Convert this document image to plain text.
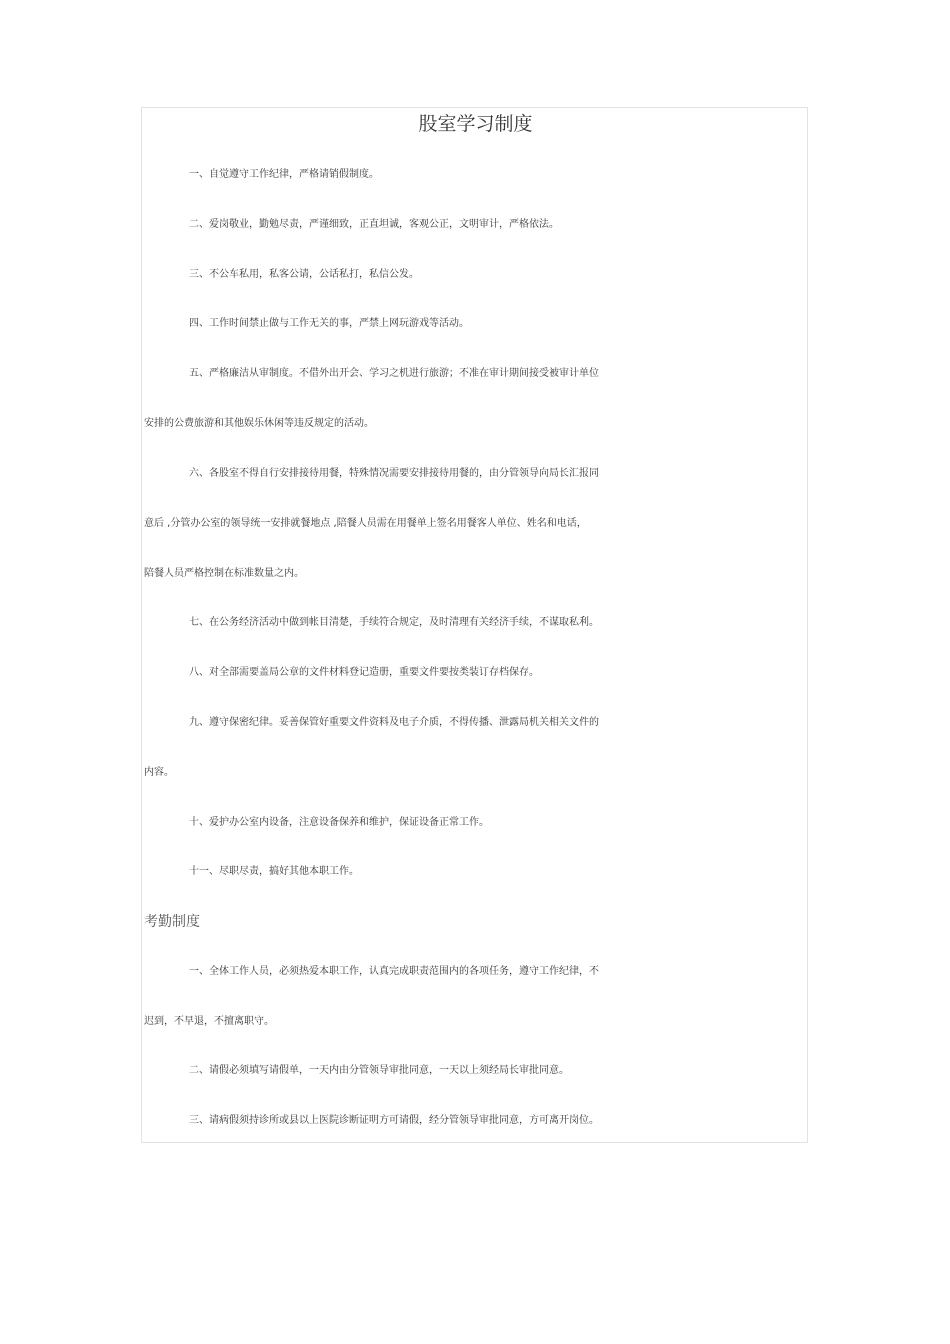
股室学习制度
一、自觉遵守工作纪律，严格请销假制度。
二、爱岗敬业，勤勉尽责，严谨细致，正直坦诚，客观公正，文明审计，严格依法。
三、不公车私用，私客公请，公话私打，私信公发。
四、工作时间禁止做与工作无关的事，严禁上网玩游戏等活动。
五、严格廉洁从审制度。不借外出开会、学习之机进行旅游；不准在审计期间接受被审计单位
安排的公费旅游和其他娱乐休闲等违反规定的活动。
六、各股室不得自行安排接待用餐，特殊情况需要安排接待用餐的，由分管领导向局长汇报同
意后 ,分管办公室的领导统一安排就餐地点 ,陪餐人员需在用餐单上签名用餐客人单位、姓名和电话，
陪餐人员严格控制在标准数量之内。
七、在公务经济活动中做到帐目清楚，手续符合规定，及时清理有关经济手续，不谋取私利。
八、对全部需要盖局公章的文件材料登记造册，重要文件要按类装订存档保存。
九、遵守保密纪律。妥善保管好重要文件资料及电子介质，不得传播、泄露局机关相关文件的
内容。
十、爱护办公室内设备，注意设备保养和维护，保证设备正常工作。
十一、尽职尽责，搞好其他本职工作。
考勤制度
一、全体工作人员，必须热爱本职工作，认真完成职责范围内的各项任务，遵守工作纪律，不
迟到，不早退，不擅离职守。
二、请假必须填写请假单，一天内由分管领导审批同意，一天以上须经局长审批同意。
三、请病假须持诊所或县以上医院诊断证明方可请假，经分管领导审批同意，方可离开岗位。
